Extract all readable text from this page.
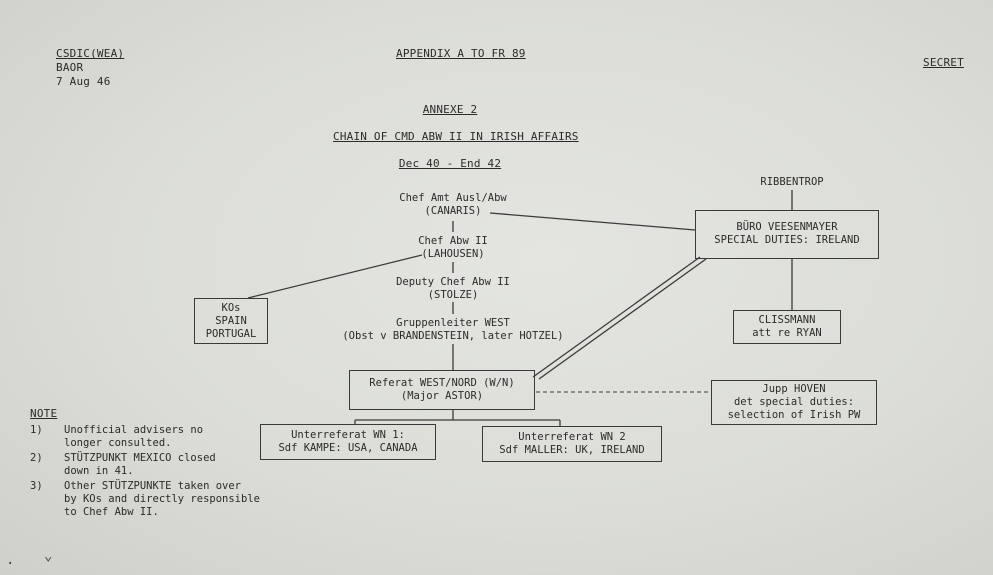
CSDIC(WEA)
BAOR
7 Aug 46
APPENDIX A TO FR 89
SECRET
ANNEXE 2
CHAIN OF CMD ABW II IN IRISH AFFAIRS
Dec 40 - End 42
Chef Amt Ausl/Abw
(CANARIS)
Chef Abw II
(LAHOUSEN)
Deputy Chef Abw II
(STOLZE)
Gruppenleiter WEST
(Obst v BRANDENSTEIN, later HOTZEL)
RIBBENTROP
BÜRO VEESENMAYER
SPECIAL DUTIES: IRELAND
KOs
SPAIN
PORTUGAL
CLISSMANN
att re RYAN
Referat WEST/NORD (W/N)
(Major ASTOR)
Jupp HOVEN
det special duties:
selection of Irish PW
Unterreferat WN 1:
Sdf KAMPE: USA, CANADA
Unterreferat WN 2
Sdf MALLER: UK, IRELAND
NOTE
1)	Unofficial advisers no
longer consulted.
2)	STÜTZPUNKT MEXICO closed
down in 41.
3)	Other STÜTZPUNKTE taken over
by KOs and directly responsible
to Chef Abw II.
· ⌄
